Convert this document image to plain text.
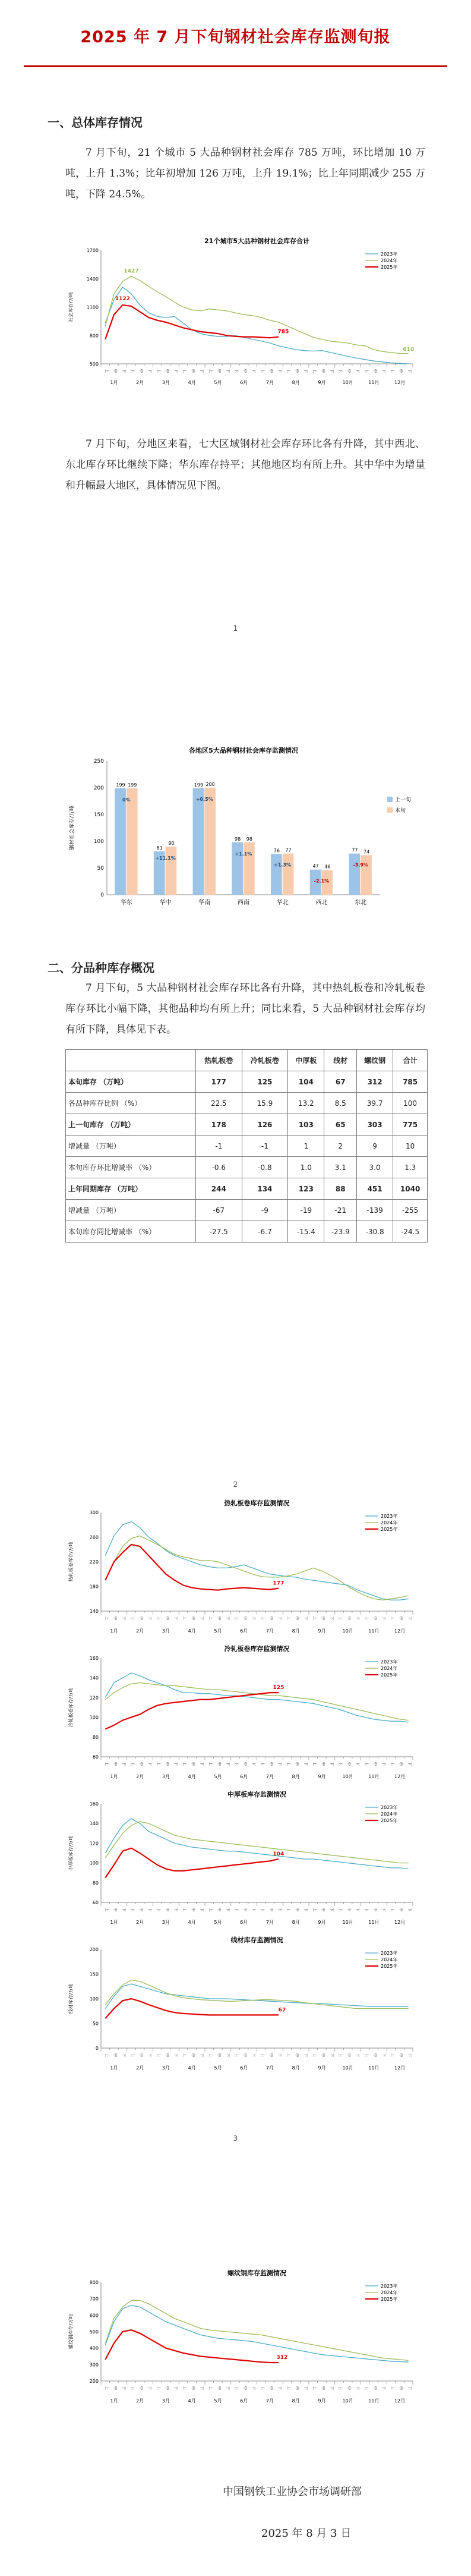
2025 年 7 月下旬钢材社会库存监测旬报
一、总体库存情况
7 月下旬，21 个城市 5 大品种钢材社会库存 785 万吨，环比增加 10 万吨，上升 1.3%；比年初增加 126 万吨，上升 19.1%；比上年同期减少 255 万吨，下降 24.5%。
21个城市5大品种钢材社会库存合计
社会库存/万吨
500
800
1100
1400
1700
上 中 下 上 中 下 上 中 下 上 中 下 上 中 下 上 中 下 上 中 下 上 中 下 上 中 下 上 中 下 上 中 下 上 中 下
1月	2月	3月	4月	5月	6月	7月	8月	9月	10月	11月	12月
2023年
2024年
2025年
1427
1122
785
610
7 月下旬，分地区来看，七大区域钢材社会库存环比各有升降，其中西北、东北库存环比继续下降；华东库存持平；其他地区均有所上升。其中华中为增量和升幅最大地区，具体情况见下图。
1
各地区5大品种钢材社会库存监测情况
钢材社会库存/万吨
0
50
100
150
200
250
199 199
0%
华东
81
90
+11.1%
华中
199 200
+0.5%
华南
98 98
+1.1%
西南
76 77
+1.3%
华北
47 46
-2.1%
西北
77 74
-3.9%
东北
上一旬
本旬
二、分品种库存概况
	热轧板卷	冷轧板卷	中厚板	线材	螺纹钢	合计
本旬库存 （万吨）	177	125	104	67	312	785
各品种库存比例 （%）	22.5	15.9	13.2	8.5	39.7	100
上一旬库存 （万吨）	178	126	103	65	303	775
增减量 （万吨）	-1	-1	1	2	9	10
本旬库存环比增减率 （%）	-0.6	-0.8	1.0	3.1	3.0	1.3
上年同期库存 （万吨）	244	134	123	88	451	1040
增减量 （万吨）	-67	-9	-19	-21	-139	-255
本旬库存同比增减率 （%）	-27.5	-6.7	-15.4	-23.9	-30.8	-24.5
2
热轧板卷库存监测情况
热轧板卷库存/万吨
140
180
220
260
300
上 中 下 上 中 下 上 中 下 上 中 下 上 中 下 上 中 下 上 中 下 上 中 下 上 中 下 上 中 下 上 中 下 上 中 下
1月	2月	3月	4月	5月	6月	7月	8月	9月	10月	11月	12月
2023年
2024年
2025年
177
冷轧板卷库存监测情况
冷轧板卷库存/万吨
60
80
100
120
140
160
上 中 下 上 中 下 上 中 下 上 中 下 上 中 下 上 中 下 上 中 下 上 中 下 上 中 下 上 中 下 上 中 下 上 中 下
1月	2月	3月	4月	5月	6月	7月	8月	9月	10月	11月	12月
2023年
2024年
2025年
125
中厚板库存监测情况
中厚板库存/万吨
60
80
100
120
140
160
上 中 下 上 中 下 上 中 下 上 中 下 上 中 下 上 中 下 上 中 下 上 中 下 上 中 下 上 中 下 上 中 下 上 中 下
1月	2月	3月	4月	5月	6月	7月	8月	9月	10月	11月	12月
2023年
2024年
2025年
104
线材库存监测情况
线材库存/万吨
0
50
100
150
200
上 中 下 上 中 下 上 中 下 上 中 下 上 中 下 上 中 下 上 中 下 上 中 下 上 中 下 上 中 下 上 中 下 上 中 下
1月	2月	3月	4月	5月	6月	7月	8月	9月	10月	11月	12月
2023年
2024年
2025年
67
3
螺纹钢库存监测情况
螺纹钢库存/万吨
200
300
400
500
600
700
800
上 中 下 上 中 下 上 中 下 上 中 下 上 中 下 上 中 下 上 中 下 上 中 下 上 中 下 上 中 下 上 中 下 上 中 下
1月	2月	3月	4月	5月	6月	7月	8月	9月	10月	11月	12月
2023年
2024年
2025年
312
中国钢铁工业协会市场调研部
2025 年 8 月 3 日
7 月下旬，5 大品种钢材社会库存环比各有升降，其中热轧板卷和冷轧板卷库存环比小幅下降，其他品种均有所上升；同比来看，5 大品种钢材社会库存均有所下降，具体见下表。
